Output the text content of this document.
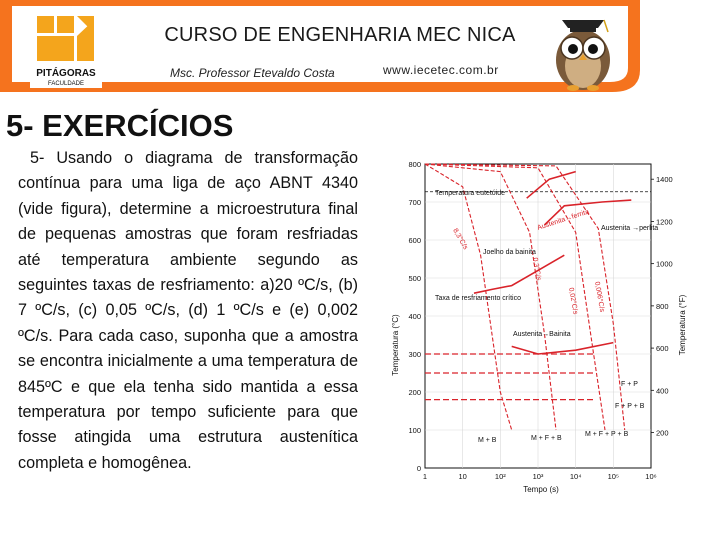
PITÁGORAS
FACULDADE
CURSO DE ENGENHARIA MEC NICA
Msc. Professor Etevaldo Costa	www.iecetec.com.br
5- EXERCÍCIOS

5- Usando o diagrama de transformação contínua para uma liga de aço ABNT 4340 (vide figura), determine a microestrutura final de pequenas amostras que foram resfriadas até temperatura ambiente segundo as seguintes taxas de resfriamento: a)20 ºC/s, (b) 7 ºC/s, (c) 0,05 ºC/s, (d) 1 ºC/s e (e) 0,002 ºC/s. Para cada caso, suponha que a amostra se encontra inicialmente a uma temperatura de 845ºC e que ela tenha sido mantida a essa temperatura por tempo suficiente para que fosse atingida uma estrutura austenítica completa e homogênea.	0
100
200
300
400
500
600
700
800
200
400
600
800
1000
1200
1400
1	10	10²	10³	10⁴	10⁵	10⁶
Temperatura eutetóide
Austenita→ferrita Austenita →perlita
Joelho da bainita
Taxa de resfriamento crítico
Austenita→Bainita
M + B	M + F + B
M + F + P + B
F + P + B
F + P
8,3°C/s
0,3°C/s
0,02°C/s 0,006°C/s
Temperatura (°C)	Temperatura (°F)
Tempo (s)
